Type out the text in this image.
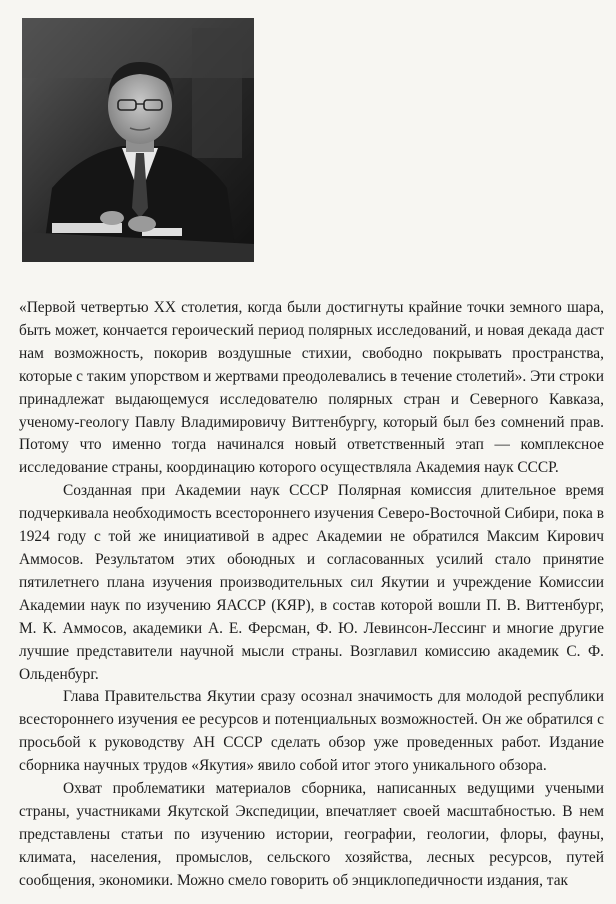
«Первой четвертью XX столетия, когда были достигнуты крайние точки земного шара, быть может, кончается героический период полярных исследований, и новая декада даст нам возможность, покорив воздушные стихии, свободно покрывать пространства, которые с таким упорством и жертвами преодолевались в течение столетий». Эти строки принадлежат выдающемуся исследователю полярных стран и Северного Кавказа, ученому-геологу Павлу Владимировичу Виттенбургу, который был без сомнений прав. Потому что именно тогда начинался новый ответственный этап — комплексное исследование страны, координацию которого осуществляла Академия наук СССР.

Созданная при Академии наук СССР Полярная комиссия длительное время подчеркивала необходимость всестороннего изучения Северо-Восточной Сибири, пока в 1924 году с той же инициативой в адрес Академии не обратился Максим Кирович Аммосов. Результатом этих обоюдных и согласованных усилий стало принятие пятилетнего плана изучения производительных сил Якутии и учреждение Комиссии Академии наук по изучению ЯАССР (КЯР), в состав которой вошли П. В. Виттенбург, М. К. Аммосов, академики А. Е. Ферсман, Ф. Ю. Левинсон-Лессинг и многие другие лучшие представители научной мысли страны. Возглавил комиссию академик С. Ф. Ольденбург.

Глава Правительства Якутии сразу осознал значимость для молодой республики всестороннего изучения ее ресурсов и потенциальных возможностей. Он же обратился с просьбой к руководству АН СССР сделать обзор уже проведенных работ. Издание сборника научных трудов «Якутия» явило собой итог этого уникального обзора.

Охват проблематики материалов сборника, написанных ведущими учеными страны, участниками Якутской Экспедиции, впечатляет своей масштабностью. В нем представлены статьи по изучению истории, географии, геологии, флоры, фауны, климата, населения, промыслов, сельского хозяйства, лесных ресурсов, путей сообщения, экономики. Можно смело говорить об энциклопедичности издания, так
